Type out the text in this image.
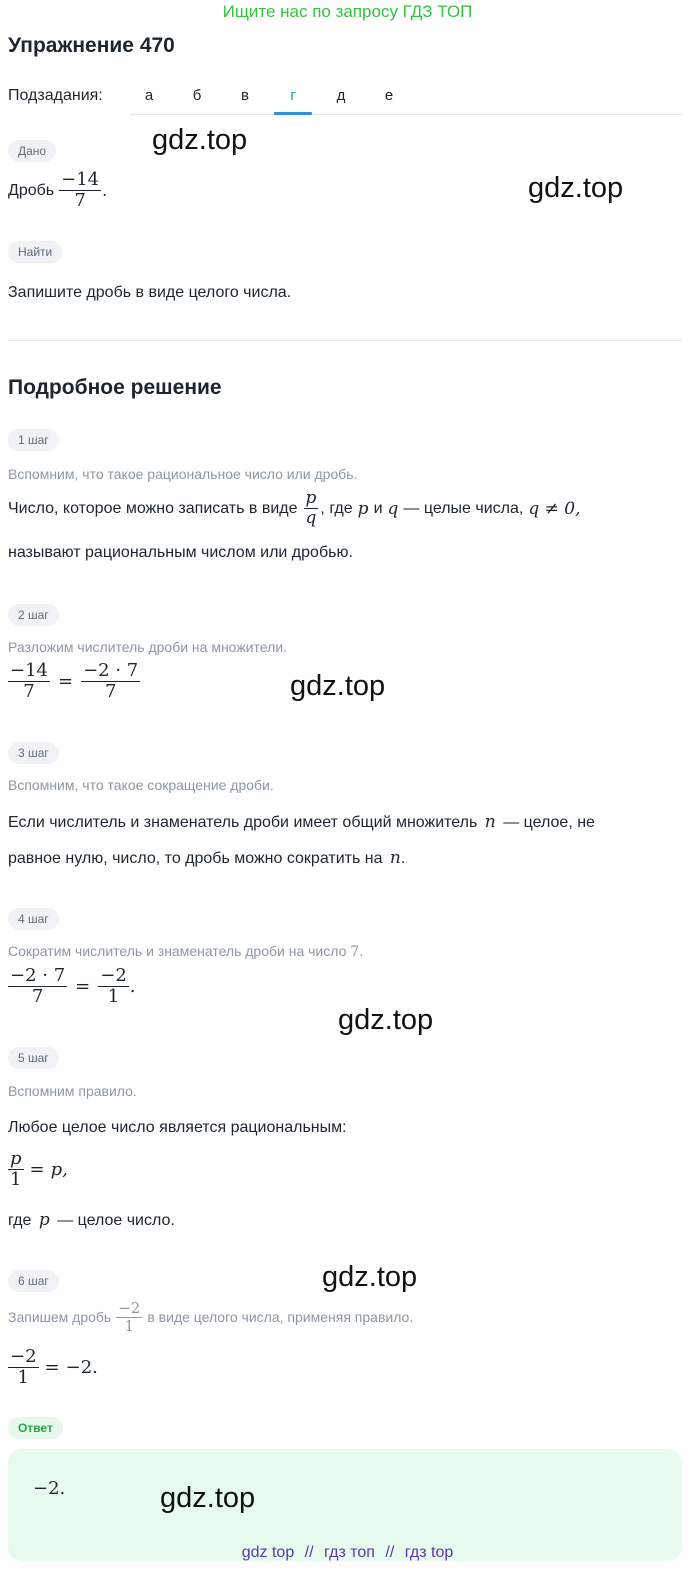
Ищите нас по запросу ГДЗ ТОП
Упражнение 470
Подзадания:	а	б	в	г	д	е
Дано
Дробь $\frac{-14}{7}$ .
Найти
Запишите дробь в виде целого числа.
Подробное решение
1 шаг
Вспомним, что такое рациональное число или дробь.
Число, которое можно записать в виде $\frac{p}{q}$ , где p и q — целые числа, q ≠ 0,
называют рациональным числом или дробью.
2 шаг
Разложим числитель дроби на множители.
$\frac{-14}{7} = \frac{-2 \cdot 7}{7}$
3 шаг
Вспомним, что такое сокращение дроби.
Если числитель и знаменатель дроби имеет общий множитель n — целое, не
равное нулю, число, то дробь можно сократить на n.
4 шаг
Сократим числитель и знаменатель дроби на число 7.
$\frac{-2 \cdot 7}{7} = \frac{-2}{1}$ .
5 шаг
Вспомним правило.
Любое целое число является рациональным:
$\frac{p}{1} = p$,
где p — целое число.
6 шаг
Запишем дробь $\frac{-2}{1}$ в виде целого числа, применяя правило.
$\frac{-2}{1} = -2$.
Ответ
−2.
gdz.top
gdz.top
gdz.top
gdz.top
gdz.top
gdz.top
gdz top // гдз топ // гдз top
